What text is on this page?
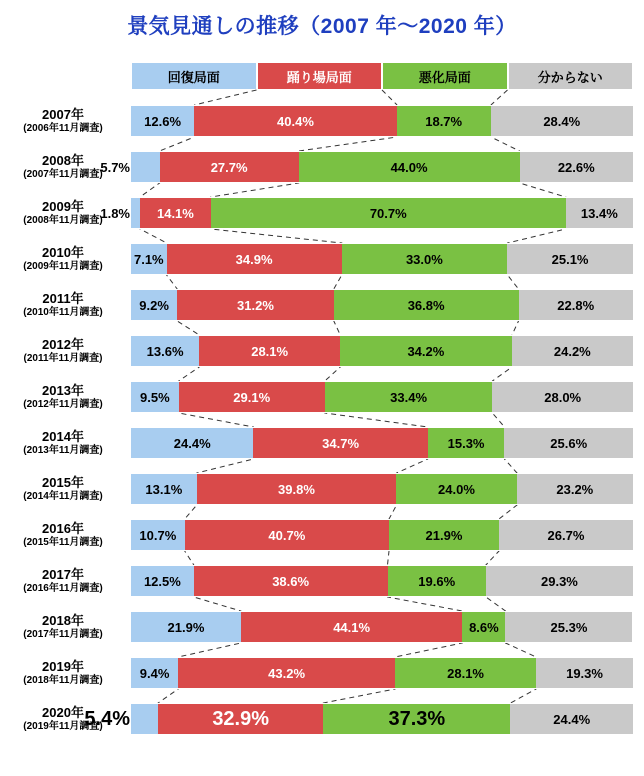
景気見通しの推移（2007 年～2020 年）
回復局面	踊り場局面	悪化局面	分からない
2007年
(2006年11月調査)	12.6%	40.4%	18.7%	28.4%
2008年
(2007年11月調査)
5.7%	27.7%	44.0%	22.6%
2009年
(2008年11月調査)
1.8% 14.1%	70.7%	13.4%
2010年
(2009年11月調査) 7.1%	34.9%	33.0%	25.1%
2011年
(2010年11月調査)	9.2%	31.2%	36.8%	22.8%
2012年
(2011年11月調査)	13.6%	28.1%	34.2%	24.2%
2013年
(2012年11月調査)	9.5%	29.1%	33.4%	28.0%
2014年
(2013年11月調査)	24.4%	34.7%	15.3%	25.6%
2015年
(2014年11月調査)	13.1%	39.8%	24.0%	23.2%
2016年
(2015年11月調査)	10.7%	40.7%	21.9%	26.7%
2017年
(2016年11月調査)	12.5%	38.6%	19.6%	29.3%
2018年
(2017年11月調査)	21.9%	44.1%	8.6%	25.3%
2019年
(2018年11月調査)	9.4%	43.2%	28.1%	19.3%
2020年
(2019年11月調査)
5.4%	32.9%	37.3%	24.4%
